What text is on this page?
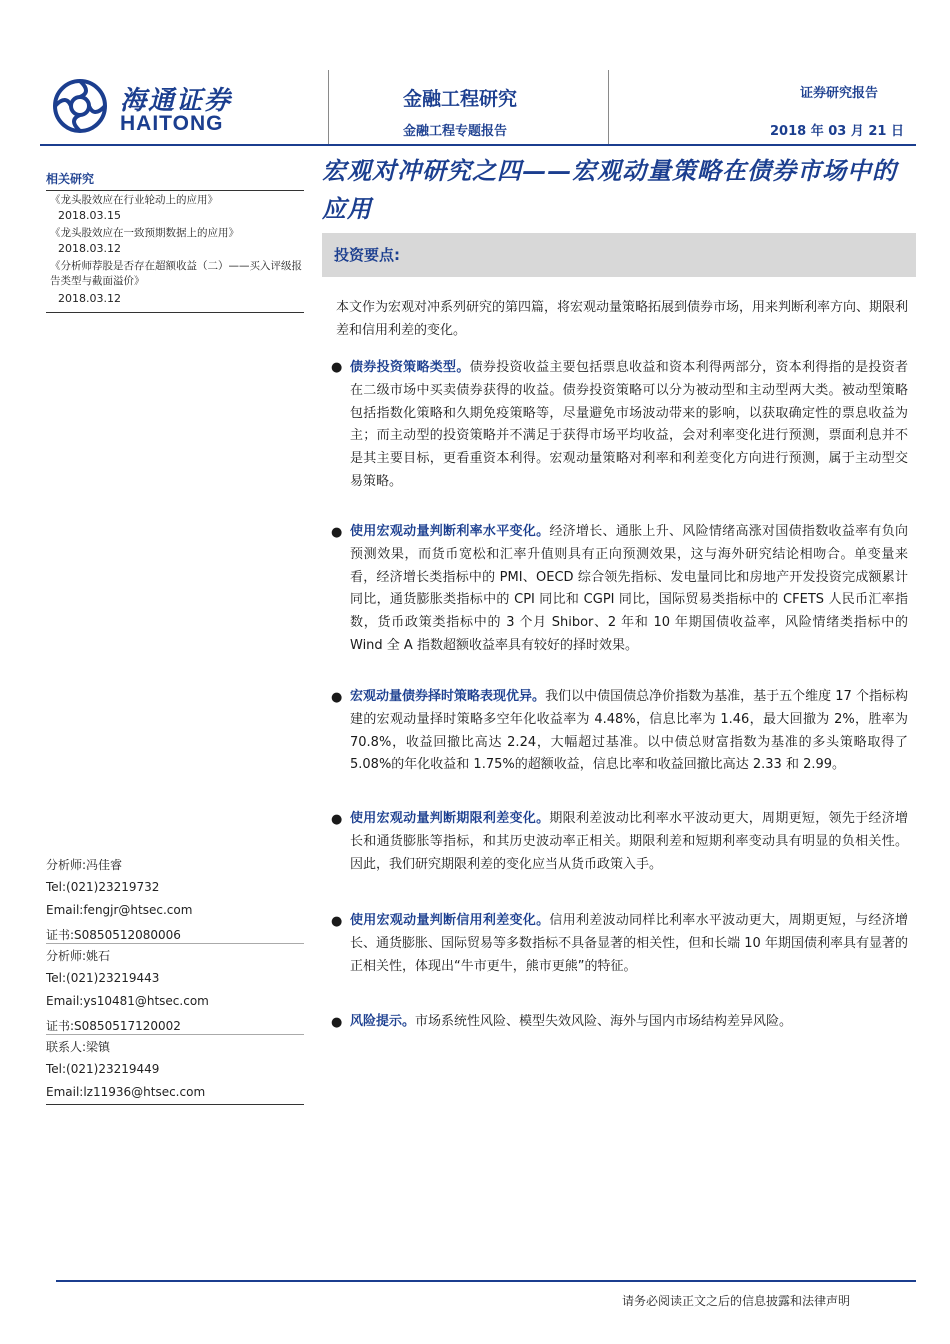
海通证券
HAITONG
金融工程研究
金融工程专题报告
证券研究报告
2018 年 03 月 21 日
相关研究
《龙头股效应在行业轮动上的应用》
2018.03.15
《龙头股效应在一致预期数据上的应用》
2018.03.12
《分析师荐股是否存在超额收益（二）——买入评级报告类型与截面溢价》
2018.03.12
分析师:冯佳睿
Tel:(021)23219732
Email:fengjr@htsec.com
证书:S0850512080006
分析师:姚石
Tel:(021)23219443
Email:ys10481@htsec.com
证书:S0850517120002
联系人:梁镇
Tel:(021)23219449
Email:lz11936@htsec.com
宏观对冲研究之四——宏观动量策略在债券市场中的应用
投资要点:
本文作为宏观对冲系列研究的第四篇，将宏观动量策略拓展到债券市场，用来判断利率方向、期限利差和信用利差的变化。
● 债券投资策略类型。债券投资收益主要包括票息收益和资本利得两部分，资本利得指的是投资者在二级市场中买卖债券获得的收益。债券投资策略可以分为被动型和主动型两大类。被动型策略包括指数化策略和久期免疫策略等，尽量避免市场波动带来的影响，以获取确定性的票息收益为主；而主动型的投资策略并不满足于获得市场平均收益，会对利率变化进行预测，票面利息并不是其主要目标，更看重资本利得。宏观动量策略对利率和利差变化方向进行预测，属于主动型交易策略。
● 使用宏观动量判断利率水平变化。经济增长、通胀上升、风险情绪高涨对国债指数收益率有负向预测效果，而货币宽松和汇率升值则具有正向预测效果，这与海外研究结论相吻合。单变量来看，经济增长类指标中的 PMI、OECD 综合领先指标、发电量同比和房地产开发投资完成额累计同比，通货膨胀类指标中的 CPI 同比和 CGPI 同比，国际贸易类指标中的 CFETS 人民币汇率指数，货币政策类指标中的 3 个月 Shibor、2 年和 10 年期国债收益率，风险情绪类指标中的 Wind 全 A 指数超额收益率具有较好的择时效果。
● 宏观动量债券择时策略表现优异。我们以中债国债总净价指数为基准，基于五个维度 17 个指标构建的宏观动量择时策略多空年化收益率为 4.48%，信息比率为 1.46，最大回撤为 2%，胜率为 70.8%，收益回撤比高达 2.24，大幅超过基准。以中债总财富指数为基准的多头策略取得了 5.08%的年化收益和 1.75%的超额收益，信息比率和收益回撤比高达 2.33 和 2.99。
● 使用宏观动量判断期限利差变化。期限利差波动比利率水平波动更大，周期更短，领先于经济增长和通货膨胀等指标，和其历史波动率正相关。期限利差和短期利率变动具有明显的负相关性。因此，我们研究期限利差的变化应当从货币政策入手。
● 使用宏观动量判断信用利差变化。信用利差波动同样比利率水平波动更大，周期更短，与经济增长、通货膨胀、国际贸易等多数指标不具备显著的相关性，但和长端 10 年期国债利率具有显著的正相关性，体现出“牛市更牛，熊市更熊”的特征。
● 风险提示。市场系统性风险、模型失效风险、海外与国内市场结构差异风险。
请务必阅读正文之后的信息披露和法律声明
